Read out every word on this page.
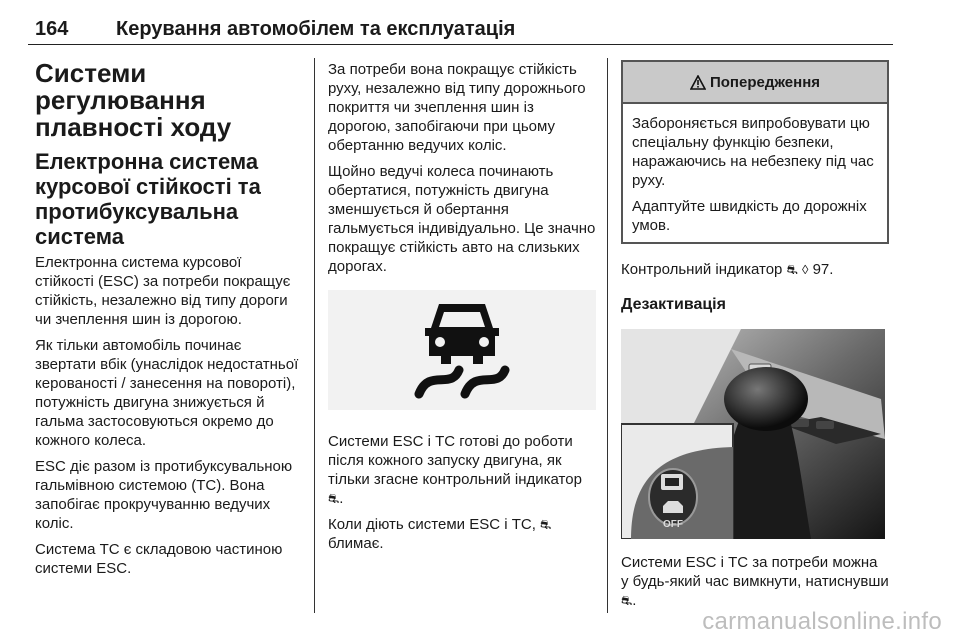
164 Керування автомобілем та експлуатація
Системи регулювання плавності ходу
Електронна система курсової стійкості та протибуксувальна система

Електронна система курсової стійкості (ESC) за потреби покращує стійкість, незалежно від типу дороги чи зчеплення шин із дорогою.

Як тільки автомобіль починає звертати вбік (унаслідок недостатньої керованості / занесення на повороті), потужність двигуна знижується й гальма застосовуються окремо до кожного колеса.

ESC діє разом із протибуксувальною гальмівною системою (TC). Вона запобігає прокручуванню ведучих коліс.

Система TC є складовою частиною системи ESC.

За потреби вона покращує стійкість руху, незалежно від типу дорожнього покриття чи зчеплення шин із дорогою, запобігаючи при цьому обертанню ведучих коліс.

Щойно ведучі колеса починають обертатися, потужність двигуна зменшується й обертання гальмується індивідуально. Це значно покращує стійкість авто на слизьких дорогах.

Системи ESC і TC готові до роботи після кожного запуску двигуна, як тільки згасне контрольний індикатор ⛐.

Коли діють системи ESC і TC, ⛐
блимає.

Попередження

Забороняється випробовувати цю спеціальну функцію безпеки, наражаючись на небезпеку під час руху.

Адаптуйте швидкість до дорожніх умов.

Контрольний індикатор ⛐ ◊ 97.

Дезактивація
OFF

Системи ESC і TC за потреби можна у будь-який час вимкнути, натиснувши ⛐.

carmanualsonline.info
